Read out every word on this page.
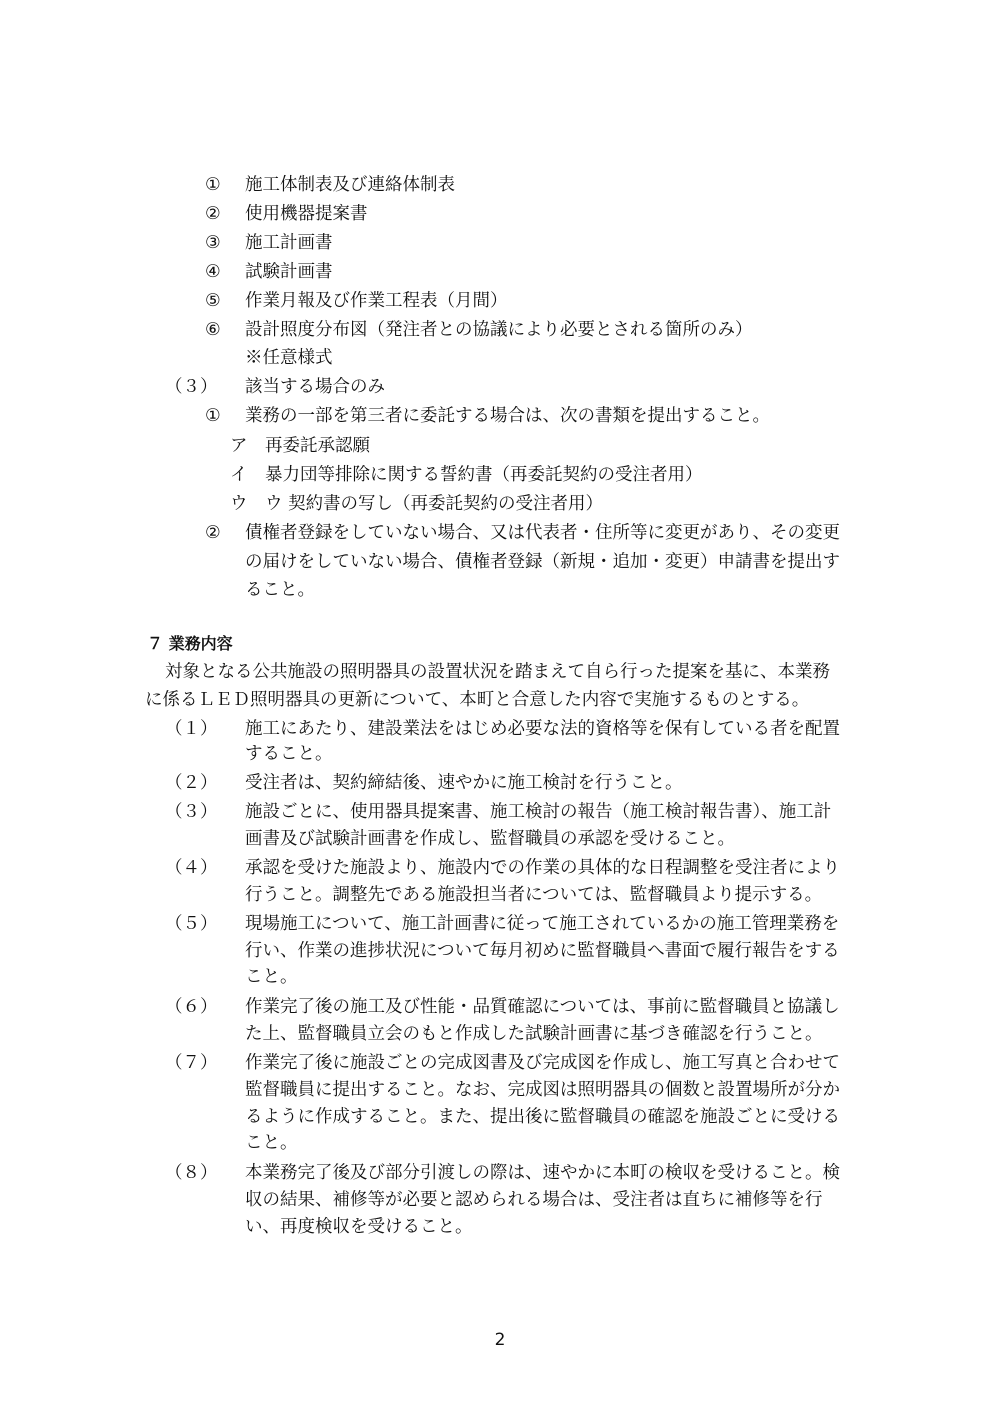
① 施工体制表及び連絡体制表
② 使用機器提案書
③ 施工計画書
④ 試験計画書
⑤ 作業月報及び作業工程表（月間）
⑥ 設計照度分布図（発注者との協議により必要とされる箇所のみ）
※任意様式
（３） 該当する場合のみ
① 業務の一部を第三者に委託する場合は、次の書類を提出すること。
ア 再委託承認願
イ 暴力団等排除に関する誓約書（再委託契約の受注者用）
ウ ウ 契約書の写し（再委託契約の受注者用）
② 債権者登録をしていない場合、又は代表者・住所等に変更があり、その変更
の届けをしていない場合、債権者登録（新規・追加・変更）申請書を提出す
ること。
７ 業務内容
対象となる公共施設の照明器具の設置状況を踏まえて自ら行った提案を基に、本業務
に係るＬＥＤ照明器具の更新について、本町と合意した内容で実施するものとする。
（１） 施工にあたり、建設業法をはじめ必要な法的資格等を保有している者を配置
すること。
（２） 受注者は、契約締結後、速やかに施工検討を行うこと。
（３） 施設ごとに、使用器具提案書、施工検討の報告（施工検討報告書）、施工計
画書及び試験計画書を作成し、監督職員の承認を受けること。
（４） 承認を受けた施設より、施設内での作業の具体的な日程調整を受注者により
行うこと。調整先である施設担当者については、監督職員より提示する。
（５） 現場施工について、施工計画書に従って施工されているかの施工管理業務を
行い、作業の進捗状況について毎月初めに監督職員へ書面で履行報告をする
こと。
（６） 作業完了後の施工及び性能・品質確認については、事前に監督職員と協議し
た上、監督職員立会のもと作成した試験計画書に基づき確認を行うこと。
（７） 作業完了後に施設ごとの完成図書及び完成図を作成し、施工写真と合わせて
監督職員に提出すること。なお、完成図は照明器具の個数と設置場所が分か
るように作成すること。また、提出後に監督職員の確認を施設ごとに受ける
こと。
（８） 本業務完了後及び部分引渡しの際は、速やかに本町の検収を受けること。検
収の結果、補修等が必要と認められる場合は、受注者は直ちに補修等を行
い、再度検収を受けること。
2
